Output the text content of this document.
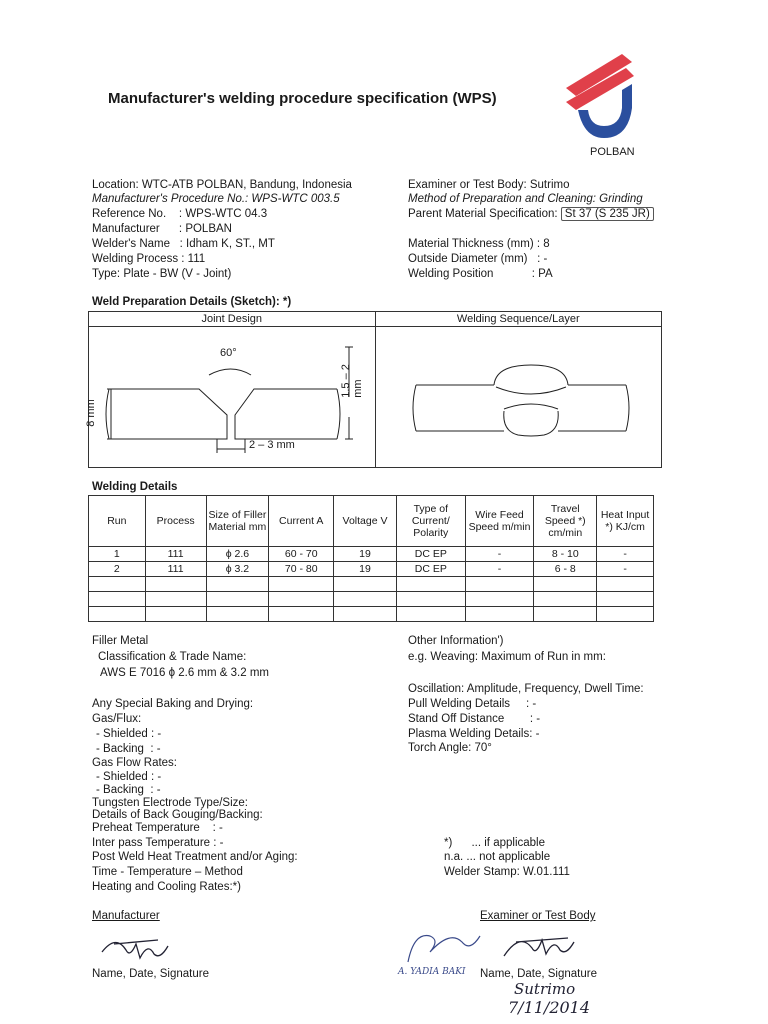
Manufacturer's welding procedure specification (WPS)
POLBAN
Location: WTC-ATB POLBAN, Bandung, Indonesia
Manufacturer's Procedure No.: WPS-WTC 003.5
Reference No.    : WPS-WTC 04.3
Manufacturer      : POLBAN
Welder's Name   : Idham K, ST., MT
Welding Process : 111
Type: Plate - BW (V - Joint)
Examiner or Test Body: Sutrimo
Method of Preparation and Cleaning: Grinding
Parent Material Specification: St 37 (S 235 JR)
Material Thickness (mm) : 8
Outside Diameter (mm)   : -
Welding Position            : PA
Weld Preparation Details (Sketch): *)
Joint Design	Welding Sequence/Layer

60°
8 mm
2 – 3 mm
1.5 – 2 mm

Welding Details
Run	Process	Size of Filler Material mm	Current A	Voltage V	Type of Current/ Polarity	Wire Feed Speed m/min	Travel Speed *) cm/min	Heat Input *) KJ/cm
1	111	ϕ 2.6	60 - 70	19	DC EP	-	8 - 10	-
2	111	ϕ 3.2	70 - 80	19	DC EP	-	6 - 8	-

Filler Metal
Classification & Trade Name:
AWS E 7016 ϕ 2.6 mm & 3.2 mm
Any Special Baking and Drying:
Gas/Flux:
- Shielded : -
- Backing  : -
Gas Flow Rates:
- Shielded : -
- Backing  : -
Tungsten Electrode Type/Size:
Details of Back Gouging/Backing:
Preheat Temperature    : -
Inter pass Temperature : -
Post Weld Heat Treatment and/or Aging:
Time - Temperature – Method
Heating and Cooling Rates:*)
Other Information')
e.g. Weaving: Maximum of Run in mm:
Oscillation: Amplitude, Frequency, Dwell Time:
Pull Welding Details     : -
Stand Off Distance        : -
Plasma Welding Details: -
Torch Angle: 70°
*)      ... if applicable
n.a. ... not applicable
Welder Stamp: W.01.111
Manufacturer	Examiner or Test Body
Name, Date, Signature	A. YADIA BAKI Name, Date, Signature
Sutrimo
7/11/2014
